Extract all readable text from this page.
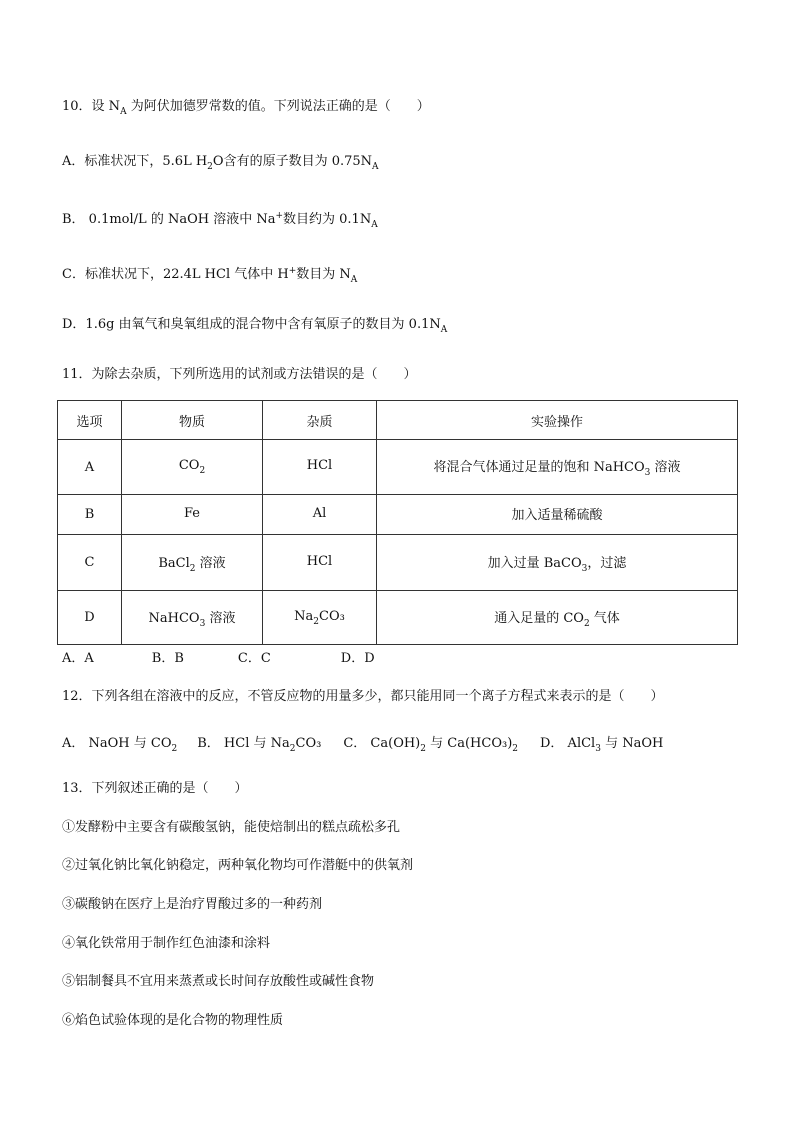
10．设 $N_A$ 为阿伏加德罗常数的值。下列说法正确的是（　　）
A．标准状况下，5.6L $H_2O$含有的原子数目为 $0.75N_A$
B． 0.1mol/L 的 NaOH 溶液中 Na+数目约为 $0.1N_A$
C．标准状况下，22.4L HCl 气体中 H+数目为 $N_A$
D．1.6g 由氧气和臭氧组成的混合物中含有氧原子的数目为 $0.1N_A$
11．为除去杂质，下列所选用的试剂或方法错误的是（　　）
选项	物质	杂质	实验操作
A	$CO_2$	HCl	将混合气体通过足量的饱和 NaHCO$_3$ 溶液
B	Fe	Al	加入适量稀硫酸
C	BaCl$_2$ 溶液	HCl	加入过量 BaCO$_3$，过滤
D	NaHCO$_3$ 溶液	$Na_2CO_3$	通入足量的 $CO_2$ 气体
A．A	B．B	C．C	D．D
12．下列各组在溶液中的反应，不管反应物的用量多少，都只能用同一个离子方程式来表示的是（　　）
A． NaOH 与 $CO_2$ B． HCl 与 $Na_2CO_3$ C． $Ca(OH)_2$ 与 $Ca(HCO_3)_2$ D． AlCl$_3$ 与 NaOH
13．下列叙述正确的是（　　）
①发酵粉中主要含有碳酸氢钠，能使焙制出的糕点疏松多孔
②过氧化钠比氧化钠稳定，两种氧化物均可作潜艇中的供氧剂
③碳酸钠在医疗上是治疗胃酸过多的一种药剂
④氧化铁常用于制作红色油漆和涂料
⑤铝制餐具不宜用来蒸煮或长时间存放酸性或碱性食物
⑥焰色试验体现的是化合物的物理性质
